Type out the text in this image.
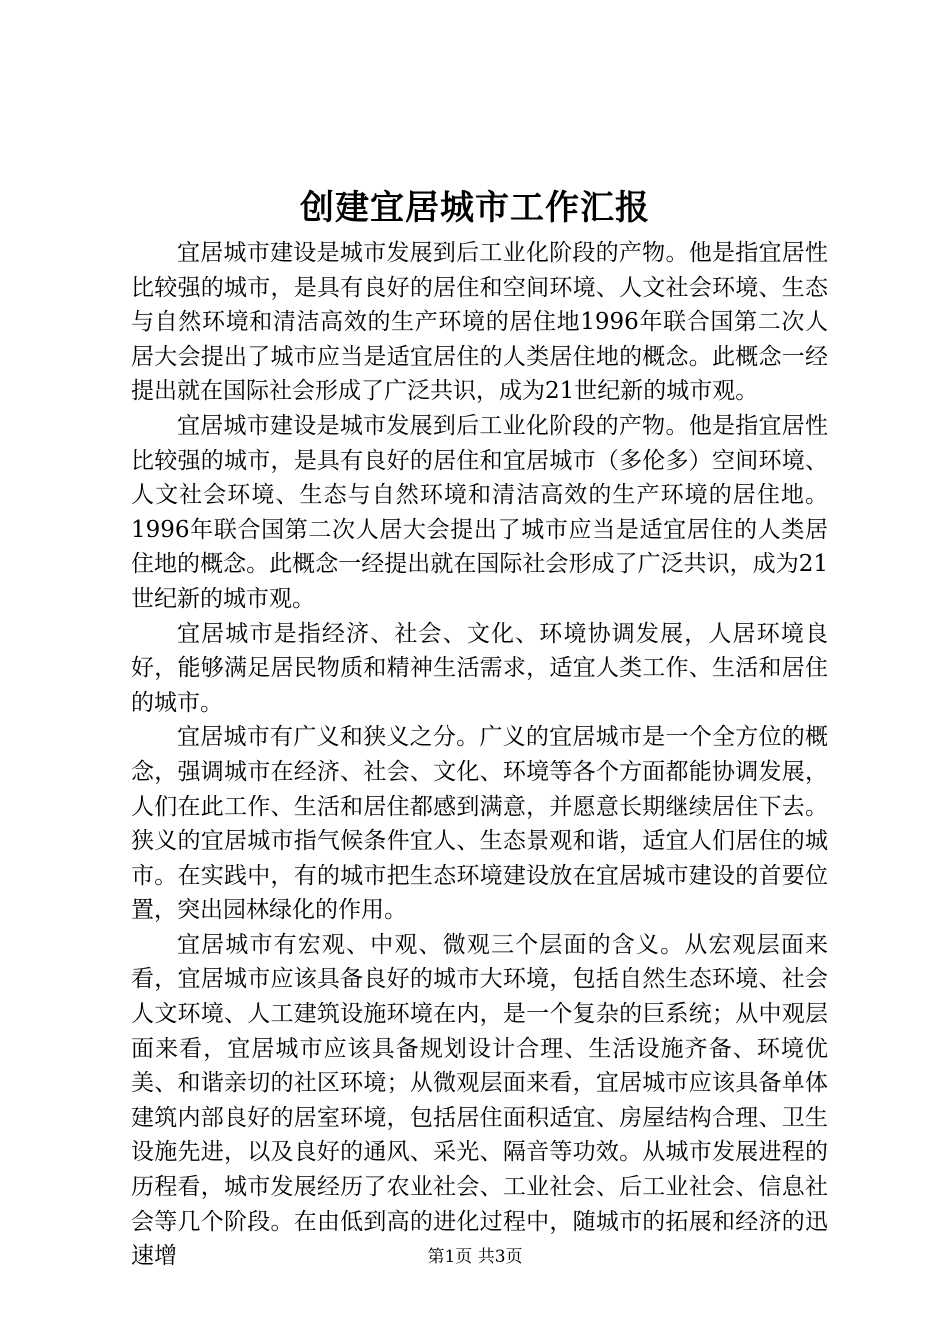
创建宜居城市工作汇报

宜居城市建设是城市发展到后工业化阶段的产物。他是指宜居性比较强的城市，是具有良好的居住和空间环境、人文社会环境、生态与自然环境和清洁高效的生产环境的居住地1996年联合国第二次人居大会提出了城市应当是适宜居住的人类居住地的概念。此概念一经提出就在国际社会形成了广泛共识，成为21世纪新的城市观。

宜居城市建设是城市发展到后工业化阶段的产物。他是指宜居性比较强的城市，是具有良好的居住和宜居城市（多伦多）空间环境、人文社会环境、生态与自然环境和清洁高效的生产环境的居住地。1996年联合国第二次人居大会提出了城市应当是适宜居住的人类居住地的概念。此概念一经提出就在国际社会形成了广泛共识，成为21世纪新的城市观。

宜居城市是指经济、社会、文化、环境协调发展，人居环境良好，能够满足居民物质和精神生活需求，适宜人类工作、生活和居住的城市。

宜居城市有广义和狭义之分。广义的宜居城市是一个全方位的概念，强调城市在经济、社会、文化、环境等各个方面都能协调发展，人们在此工作、生活和居住都感到满意，并愿意长期继续居住下去。狭义的宜居城市指气候条件宜人、生态景观和谐，适宜人们居住的城市。在实践中，有的城市把生态环境建设放在宜居城市建设的首要位置，突出园林绿化的作用。

宜居城市有宏观、中观、微观三个层面的含义。从宏观层面来看，宜居城市应该具备良好的城市大环境，包括自然生态环境、社会人文环境、人工建筑设施环境在内，是一个复杂的巨系统；从中观层面来看，宜居城市应该具备规划设计合理、生活设施齐备、环境优美、和谐亲切的社区环境；从微观层面来看，宜居城市应该具备单体建筑内部良好的居室环境，包括居住面积适宜、房屋结构合理、卫生设施先进，以及良好的通风、采光、隔音等功效。从城市发展进程的历程看，城市发展经历了农业社会、工业社会、后工业社会、信息社会等几个阶段。在由低到高的进化过程中，随城市的拓展和经济的迅速增	第1页 共3页
